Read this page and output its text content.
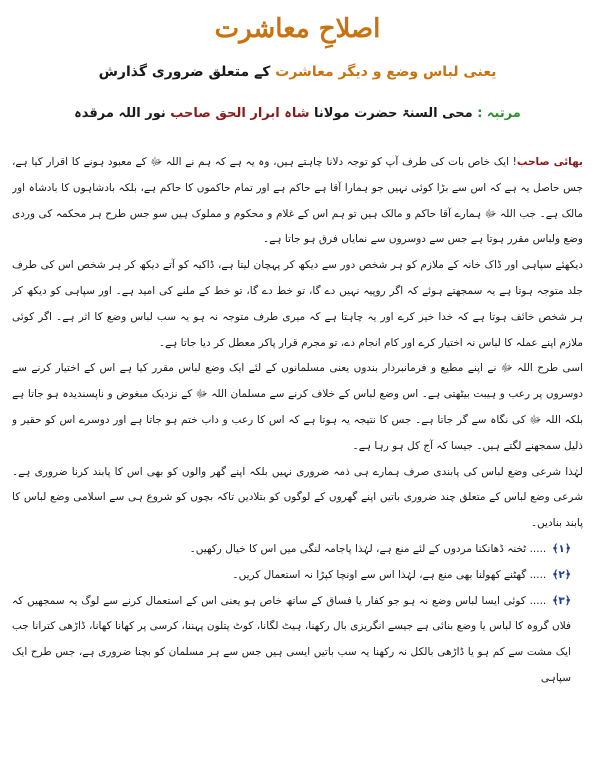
اصلاحِ معاشرت
یعنی لباس وضع و دیگر معاشرت کے متعلق ضروری گذارش
مرتبہ : محی السنۃ حضرت مولانا شاہ ابرار الحق صاحب نور اللہ مرقدہ

بھائی صاحب! ایک خاص بات کی طرف آپ کو توجہ دلانا چاہتے ہیں، وہ یہ ہے کہ ہم نے اللہ ﷻ کے معبود ہونے کا اقرار کیا ہے، جس حاصل یہ ہے کہ اس سے بڑا کوئی نہیں جو ہمارا آقا ہے حاکم ہے اور تمام حاکموں کا حاکم ہے، بلکہ بادشاہوں کا بادشاہ اور مالک ہے۔ جب اللہ ﷻ ہمارے آقا حاکم و مالک ہیں تو ہم اس کے غلام و محکوم و مملوک ہیں سو جس طرح ہر محکمہ کی وردی وضع ولباس مقرر ہوتا ہے جس سے دوسروں سے نمایاں فرق ہو جاتا ہے۔

دیکھئے سپاہی اور ڈاک خانہ کے ملازم کو ہر شخص دور سے دیکھ کر پہچان لیتا ہے، ڈاکیہ کو آتے دیکھ کر ہر شخص اس کی طرف جلد متوجہ ہوتا ہے یہ سمجھتے ہوئے کہ اگر روپیہ نہیں دے گا، تو خط دے گا، تو خط کے ملنے کی امید ہے۔ اور سپاہی کو دیکھ کر ہر شخص خائف ہوتا ہے کہ خدا خیر کرے اور یہ چاہتا ہے کہ میری طرف متوجہ نہ ہو یہ سب لباس وضع کا اثر ہے۔ اگر کوئی ملازم اپنے عملہ کا لباس نہ اختیار کرے اور کام انجام دے، تو مجرم قرار پاکر معطل کر دیا جاتا ہے۔

اسی طرح اللہ ﷻ نے اپنے مطیع و فرمانبردار بندوں یعنی مسلمانوں کے لئے ایک وضع لباس مقرر کیا ہے اس کے اختیار کرنے سے دوسروں پر رعب و ہیبت بیٹھتی ہے۔ اس وضع لباس کے خلاف کرنے سے مسلمان اللہ ﷻ کے نزدیک مبغوض و ناپسندیدہ ہو جاتا ہے بلکہ اللہ ﷻ کی نگاہ سے گر جاتا ہے۔ جس کا نتیجہ یہ ہوتا ہے کہ اس کا رعب و داب ختم ہو جاتا ہے اور دوسرے اس کو حقیر و ذلیل سمجھنے لگتے ہیں۔ جیسا کہ آج کل ہو رہا ہے۔

لہٰذا شرعی وضع لباس کی پابندی صرف ہمارے ہی ذمہ ضروری نہیں بلکہ اپنے گھر والوں کو بھی اس کا پابند کرنا ضروری ہے۔ شرعی وضع لباس کے متعلق چند ضروری باتیں اپنے گھروں کے لوگوں کو بتلادیں تاکہ بچوں کو شروع ہی سے اسلامی وضع لباس کا پابند بنادیں۔

﴿۱﴾..... ٹخنہ ڈھانکنا مردوں کے لئے منع ہے، لہٰذا پاجامہ لنگی میں اس کا خیال رکھیں۔
﴿۲﴾..... گھٹنے کھولنا بھی منع ہے، لہٰذا اس سے اونچا کپڑا نہ استعمال کریں۔
﴿۳﴾..... کوئی ایسا لباس وضع نہ ہو جو کفار یا فساق کے ساتھ خاص ہو یعنی اس کے استعمال کرنے سے لوگ یہ سمجھیں کہ فلاں گروہ کا لباس یا وضع بنائی ہے جیسے انگریزی بال رکھنا، ہیٹ لگانا، کوٹ پتلون پہننا، کرسی پر کھانا کھانا، ڈاڑھی کترانا جب ایک مشت سے کم ہو یا ڈاڑھی بالکل نہ رکھنا یہ سب باتیں ایسی ہیں جس سے ہر مسلمان کو بچنا ضروری ہے، جس طرح ایک سپاہی
